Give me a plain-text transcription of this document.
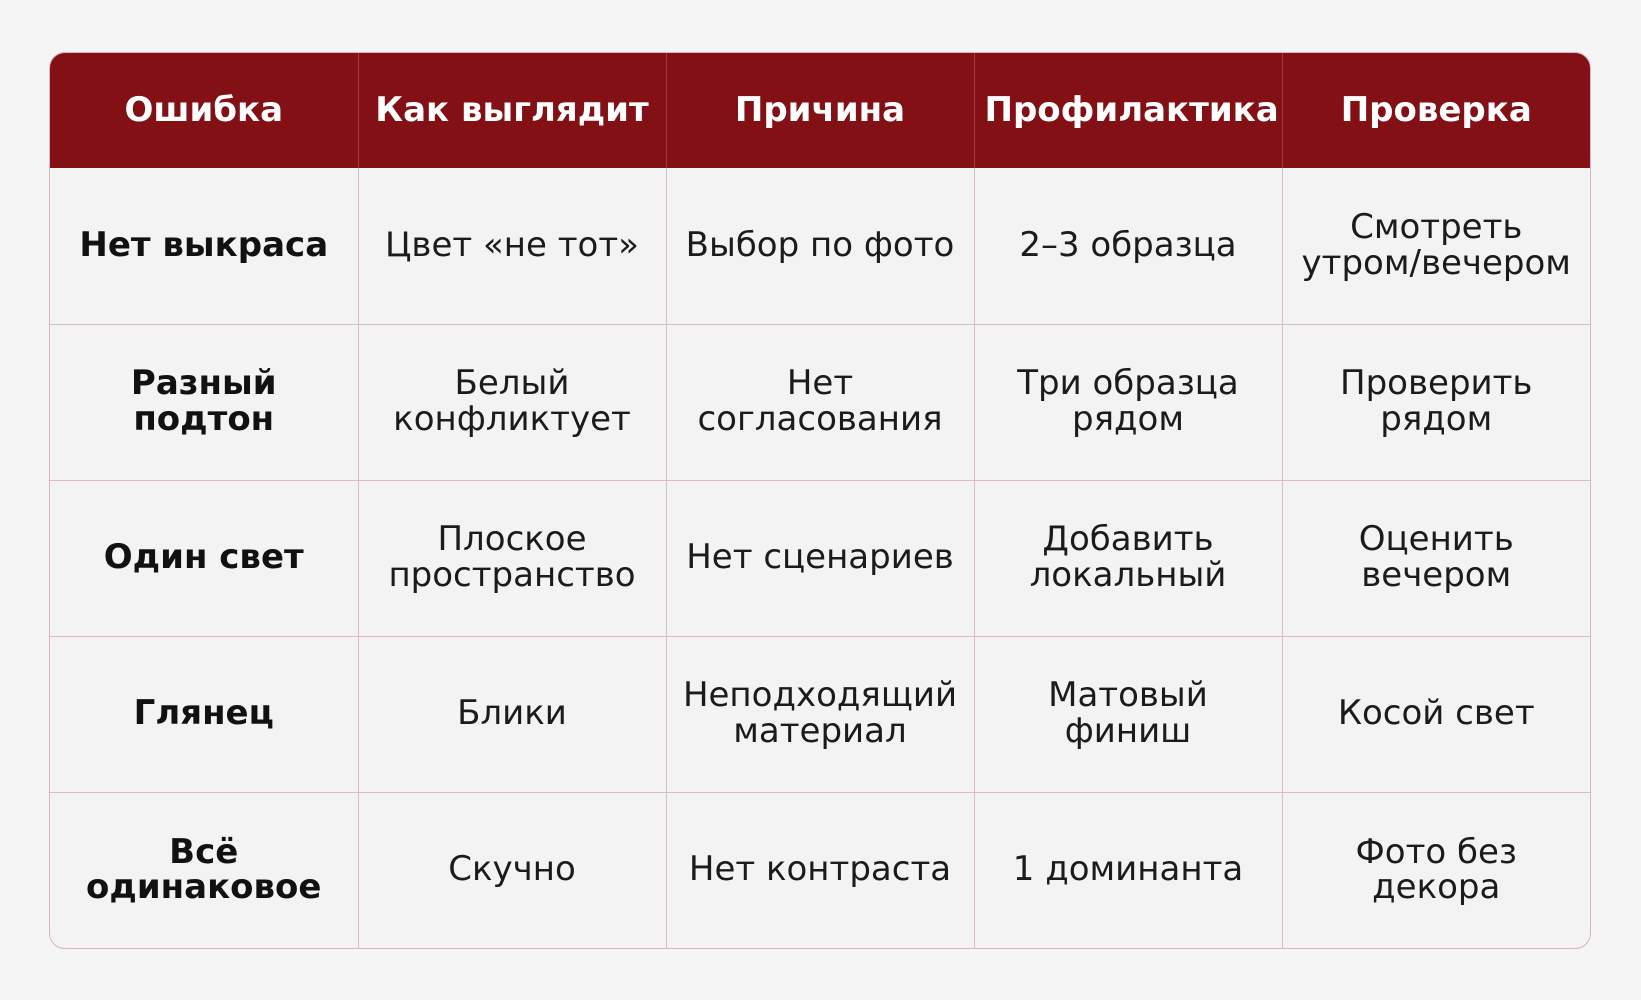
Ошибка	Как выглядит	Причина	Профилактика	Проверка
Нет выкраса	Цвет «не тот»	Выбор по фото	2–3 образца	Смотреть утром/вечером
Разный подтон	Белый конфликтует	Нет согласования	Три образца рядом	Проверить рядом
Один свет	Плоское пространство	Нет сценариев	Добавить локальный	Оценить вечером
Глянец	Блики	Неподходящий материал	Матовый финиш	Косой свет
Всё одинаковое	Скучно	Нет контраста	1 доминанта	Фото без декора
